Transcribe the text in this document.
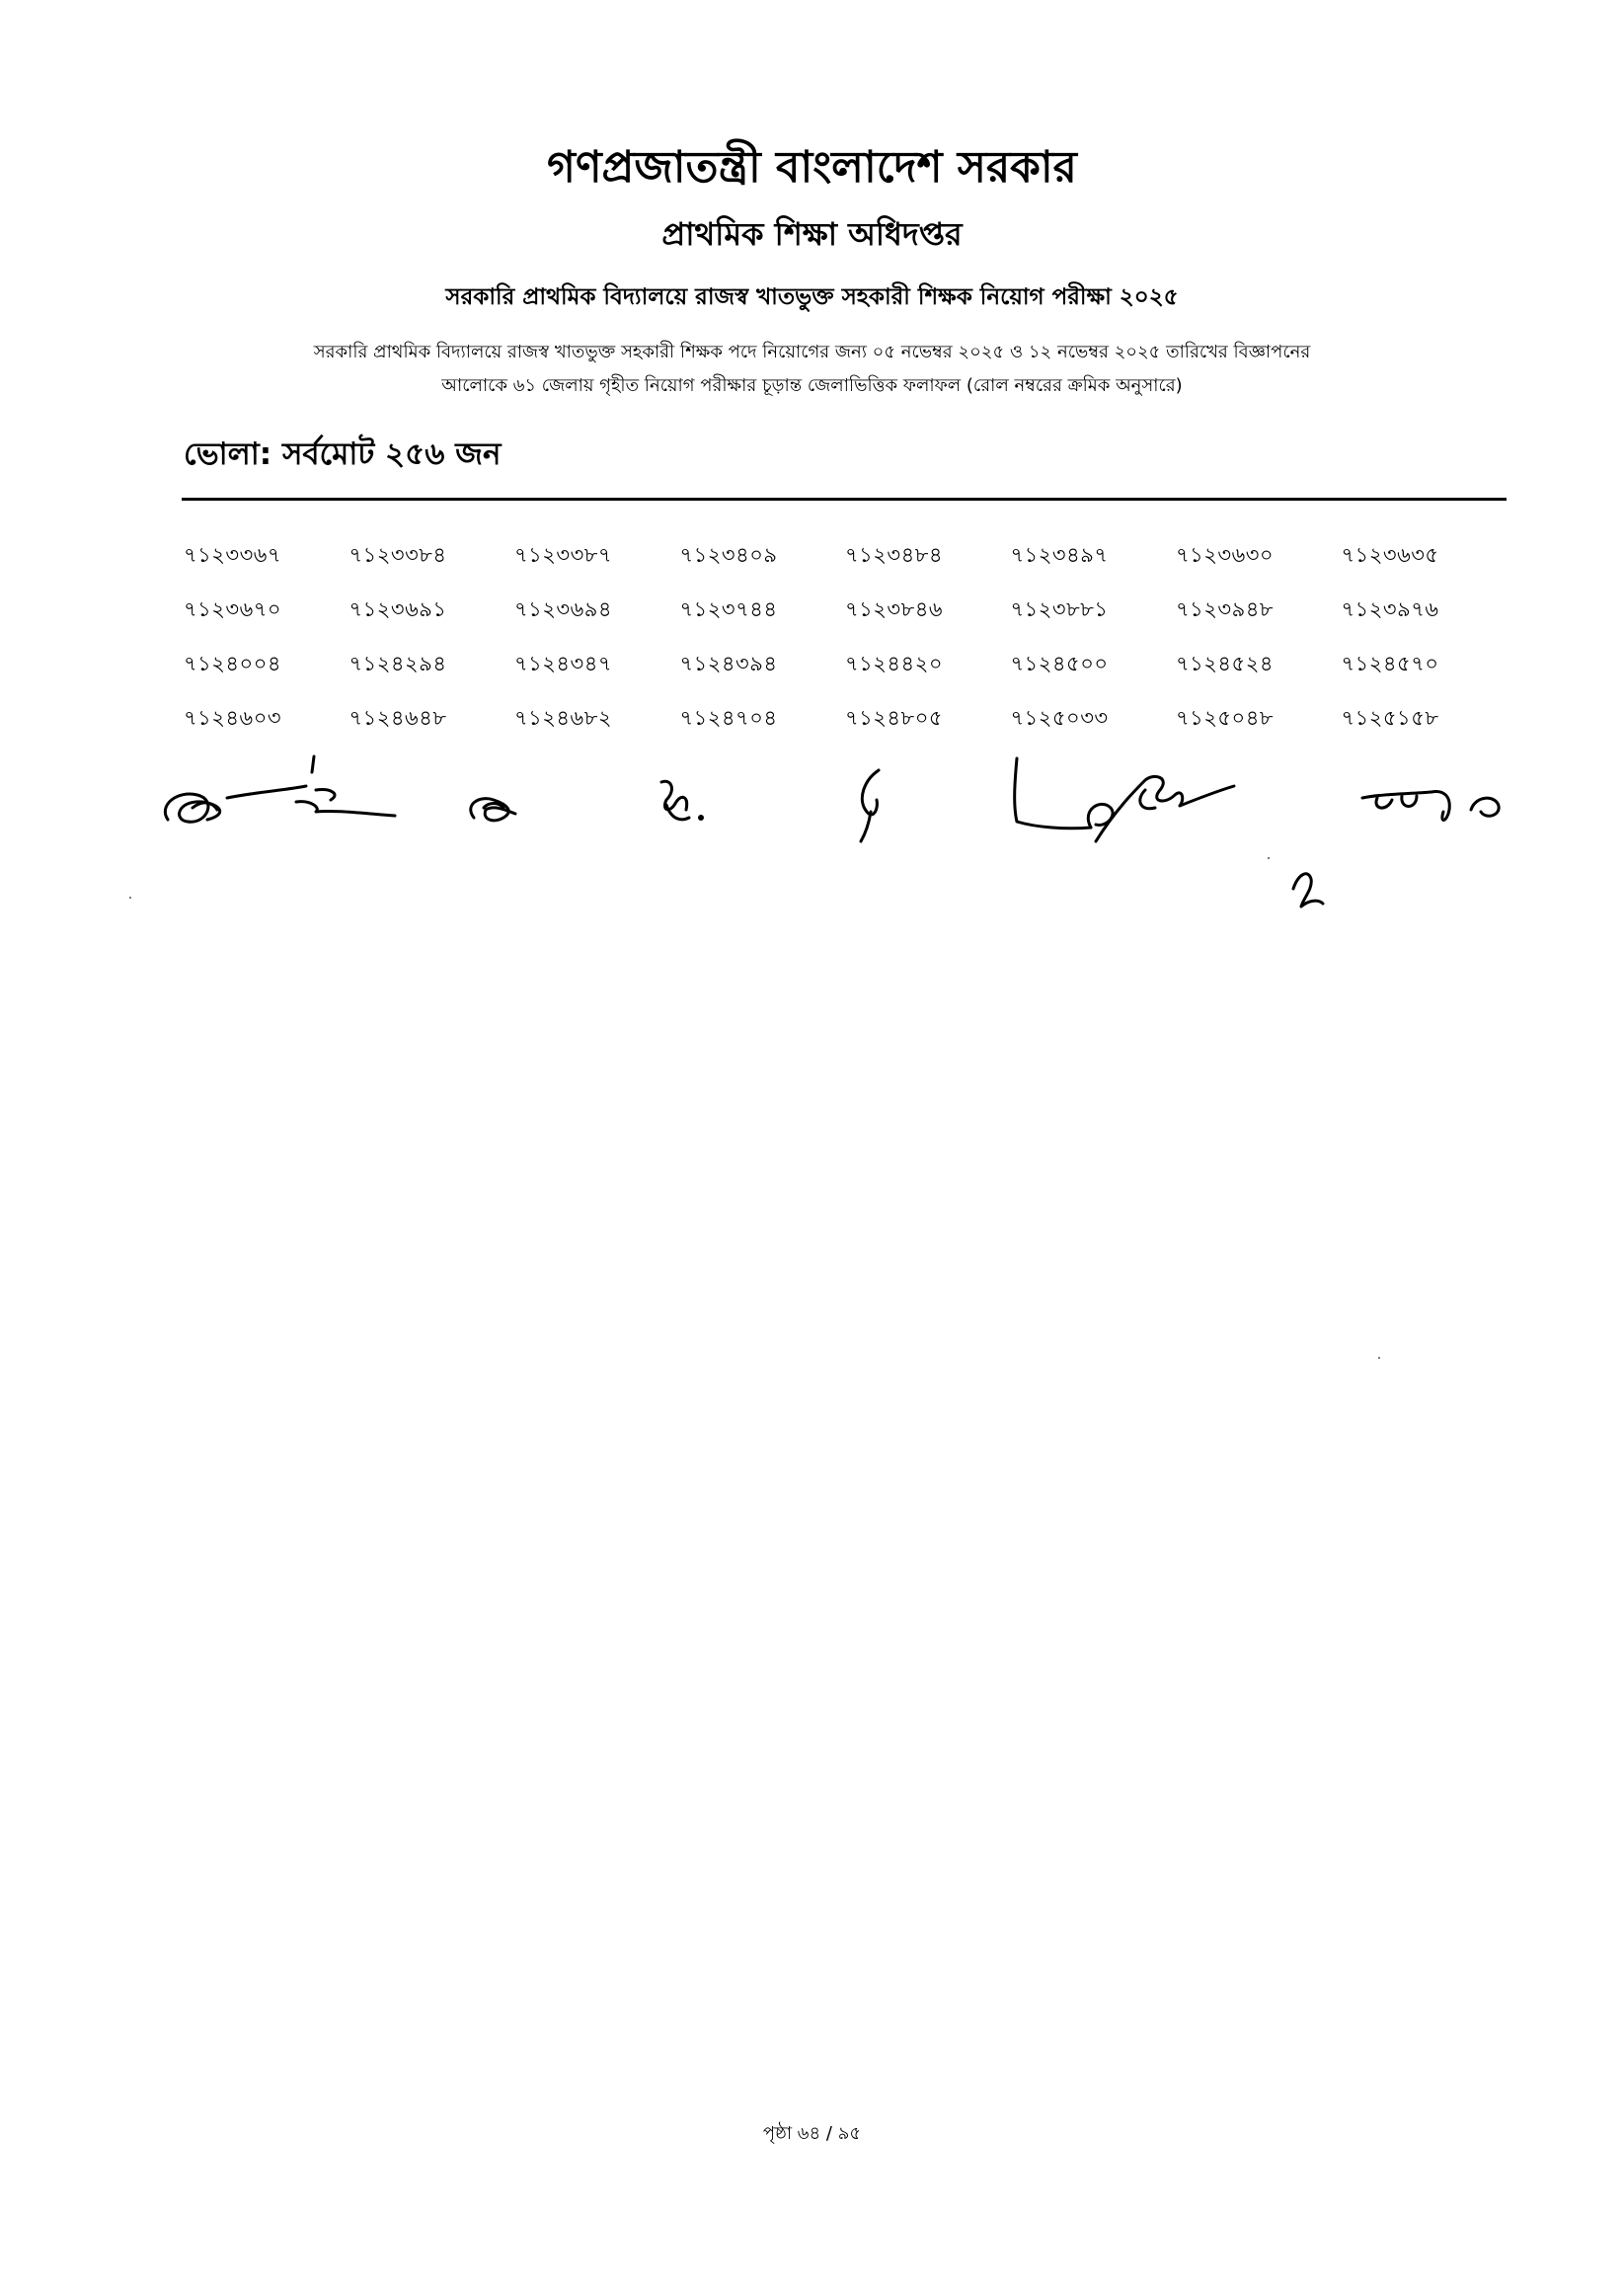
গণপ্রজাতন্ত্রী বাংলাদেশ সরকার
প্রাথমিক শিক্ষা অধিদপ্তর
সরকারি প্রাথমিক বিদ্যালয়ে রাজস্ব খাতভুক্ত সহকারী শিক্ষক নিয়োগ পরীক্ষা ২০২৫
সরকারি প্রাথমিক বিদ্যালয়ে রাজস্ব খাতভুক্ত সহকারী শিক্ষক পদে নিয়োগের জন্য ০৫ নভেম্বর ২০২৫ ও ১২ নভেম্বর ২০২৫ তারিখের বিজ্ঞাপনের
আলোকে ৬১ জেলায় গৃহীত নিয়োগ পরীক্ষার চূড়ান্ত জেলাভিত্তিক ফলাফল (রোল নম্বরের ক্রমিক অনুসারে)
ভোলা: সর্বমোট ২৫৬ জন
৭১২৩৩৬৭	৭১২৩৩৮৪	৭১২৩৩৮৭	৭১২৩৪০৯	৭১২৩৪৮৪	৭১২৩৪৯৭	৭১২৩৬৩০	৭১২৩৬৩৫
৭১২৩৬৭০	৭১২৩৬৯১	৭১২৩৬৯৪	৭১২৩৭৪৪	৭১২৩৮৪৬	৭১২৩৮৮১	৭১২৩৯৪৮	৭১২৩৯৭৬
৭১২৪০০৪	৭১২৪২৯৪	৭১২৪৩৪৭	৭১২৪৩৯৪	৭১২৪৪২০	৭১২৪৫০০	৭১২৪৫২৪	৭১২৪৫৭০
৭১২৪৬০৩	৭১২৪৬৪৮	৭১২৪৬৮২	৭১২৪৭০৪	৭১২৪৮০৫	৭১২৫০৩৩	৭১২৫০৪৮	৭১২৫১৫৮
পৃষ্ঠা ৬৪ / ৯৫
